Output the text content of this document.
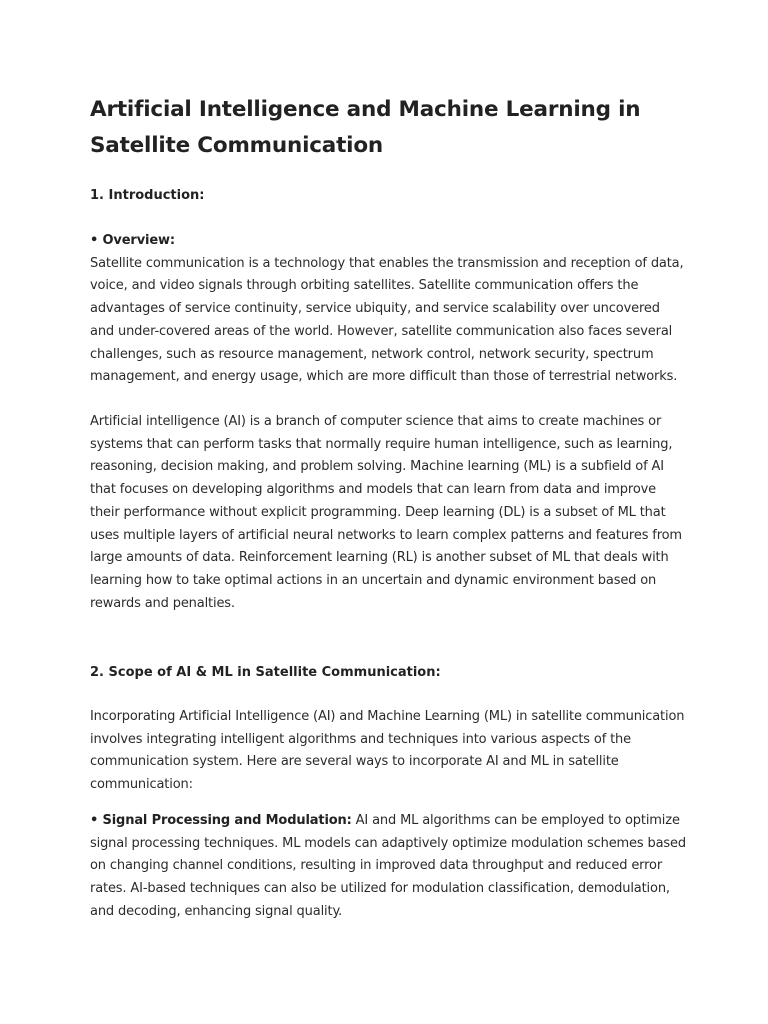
Artificial Intelligence and Machine Learning in Satellite Communication
1. Introduction:

• Overview:
Satellite communication is a technology that enables the transmission and reception of data, voice, and video signals through orbiting satellites. Satellite communication offers the advantages of service continuity, service ubiquity, and service scalability over uncovered and under-covered areas of the world. However, satellite communication also faces several challenges, such as resource management, network control, network security, spectrum management, and energy usage, which are more difficult than those of terrestrial networks.

Artificial intelligence (AI) is a branch of computer science that aims to create machines or systems that can perform tasks that normally require human intelligence, such as learning, reasoning, decision making, and problem solving. Machine learning (ML) is a subfield of AI that focuses on developing algorithms and models that can learn from data and improve their performance without explicit programming. Deep learning (DL) is a subset of ML that uses multiple layers of artificial neural networks to learn complex patterns and features from large amounts of data. Reinforcement learning (RL) is another subset of ML that deals with learning how to take optimal actions in an uncertain and dynamic environment based on rewards and penalties.

2. Scope of AI & ML in Satellite Communication:

Incorporating Artificial Intelligence (AI) and Machine Learning (ML) in satellite communication involves integrating intelligent algorithms and techniques into various aspects of the communication system. Here are several ways to incorporate AI and ML in satellite communication:

• Signal Processing and Modulation: AI and ML algorithms can be employed to optimize signal processing techniques. ML models can adaptively optimize modulation schemes based on changing channel conditions, resulting in improved data throughput and reduced error rates. AI-based techniques can also be utilized for modulation classification, demodulation, and decoding, enhancing signal quality.
